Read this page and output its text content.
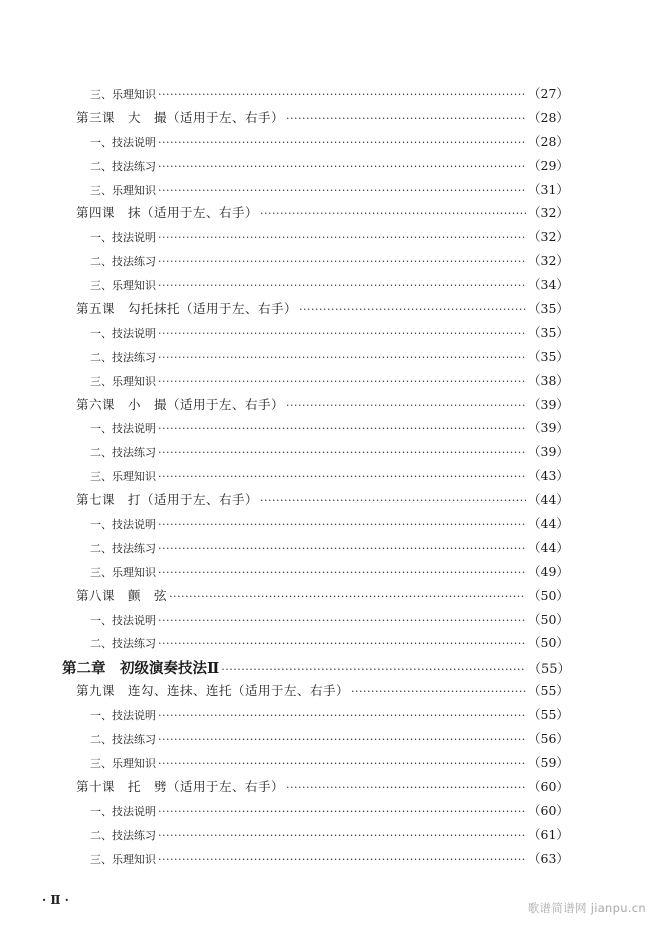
三、乐理知识 ·····	（27）
第三课　大　撮（适用于左、右手） ·····	（28）
一、技法说明 ·····	（28）
二、技法练习 ·····	（29）
三、乐理知识 ·····	（31）
第四课　抹（适用于左、右手） ·····	（32）
一、技法说明 ·····	（32）
二、技法练习 ·····	（32）
三、乐理知识 ·····	（34）
第五课　勾托抹托（适用于左、右手） ·····	（35）
一、技法说明 ·····	（35）
二、技法练习 ·····	（35）
三、乐理知识 ·····	（38）
第六课　小　撮（适用于左、右手） ·····	（39）
一、技法说明 ·····	（39）
二、技法练习 ·····	（39）
三、乐理知识 ·····	（43）
第七课　打（适用于左、右手） ·····	（44）
一、技法说明 ·····	（44）
二、技法练习 ·····	（44）
三、乐理知识 ·····	（49）
第八课　颤　弦 ·····	（50）
一、技法说明 ·····	（50）
二、技法练习 ·····	（50）
第二章　初级演奏技法Ⅱ ·····	（55）
第九课　连勾、连抹、连托（适用于左、右手） ·····	（55）
一、技法说明 ·····	（55）
二、技法练习 ·····	（56）
三、乐理知识 ·····	（59）
第十课　托　劈（适用于左、右手） ·····	（60）
一、技法说明 ·····	（60）
二、技法练习 ·····	（61）
三、乐理知识 ·····	（63）
· Ⅱ ·
歌谱简谱网 jianpu.cn
